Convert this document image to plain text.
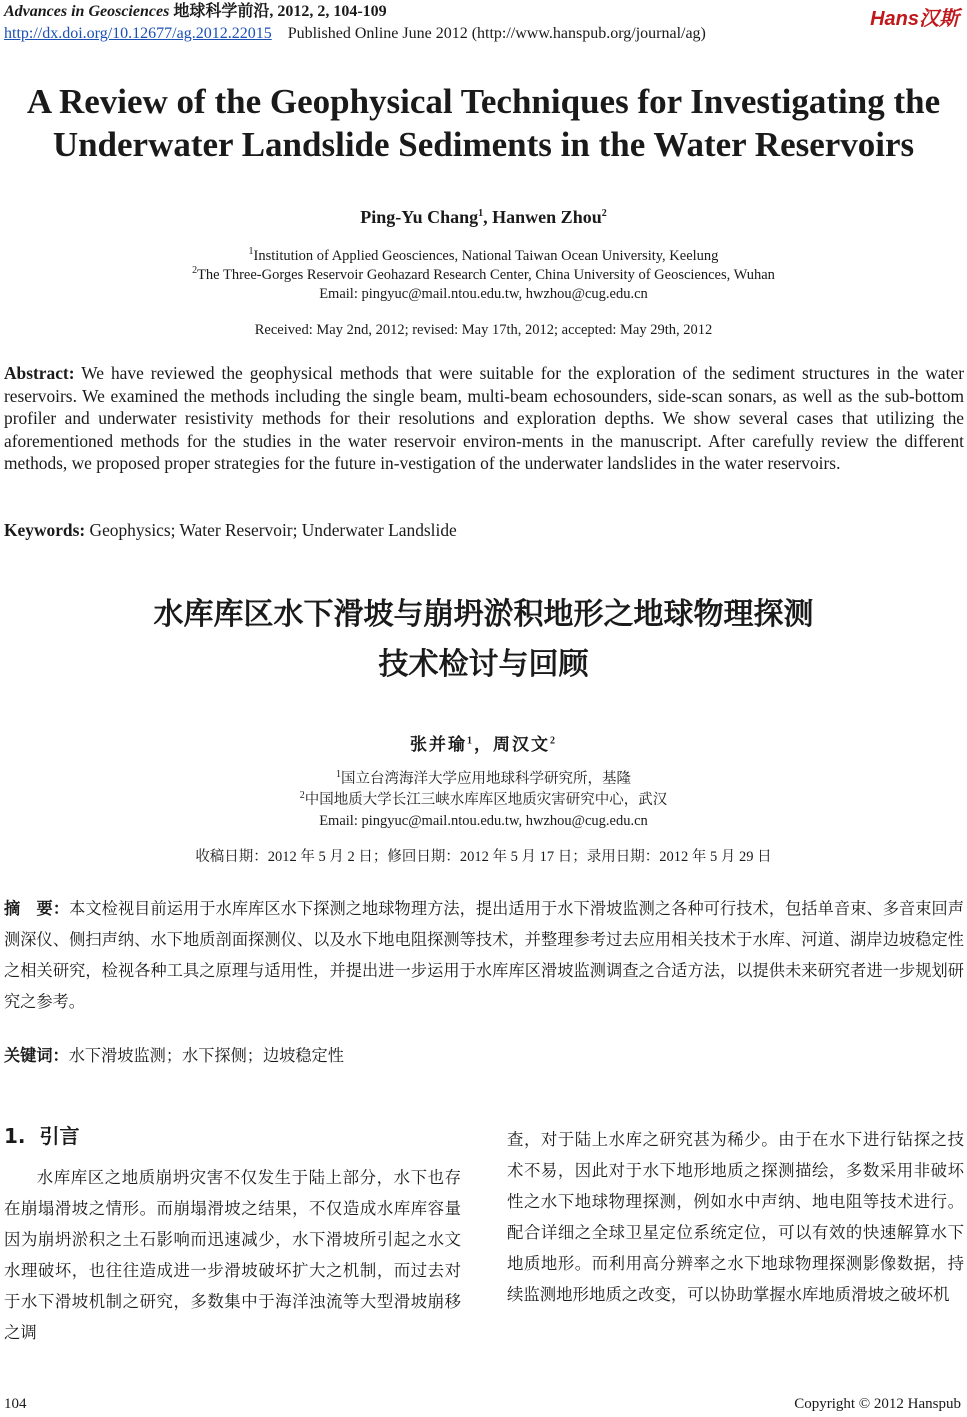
Advances in Geosciences 地球科学前沿, 2012, 2, 104-109
http://dx.doi.org/10.12677/ag.2012.22015 Published Online June 2012 (http://www.hanspub.org/journal/ag)
Hans汉斯
A Review of the Geophysical Techniques for Investigating the Underwater Landslide Sediments in the Water Reservoirs
Ping-Yu Chang$^1$, Hanwen Zhou$^2$
$^1$Institution of Applied Geosciences, National Taiwan Ocean University, Keelung
$^2$The Three-Gorges Reservoir Geohazard Research Center, China University of Geosciences, Wuhan
Email: pingyuc@mail.ntou.edu.tw, hwzhou@cug.edu.cn
Received: May 2nd, 2012; revised: May 17th, 2012; accepted: May 29th, 2012
Abstract: We have reviewed the geophysical methods that were suitable for the exploration of the sediment structures in the water reservoirs. We examined the methods including the single beam, multi-beam echosounders, side-scan sonars, as well as the sub-bottom profiler and underwater resistivity methods for their resolutions and exploration depths. We show several cases that utilizing the aforementioned methods for the studies in the water reservoir environ-ments in the manuscript. After carefully review the different methods, we proposed proper strategies for the future in-vestigation of the underwater landslides in the water reservoirs.
Keywords: Geophysics; Water Reservoir; Underwater Landslide
水库库区水下滑坡与崩坍淤积地形之地球物理探测
技术检讨与回顾
张并瑜$^1$，周汉文$^2$
$^1$国立台湾海洋大学应用地球科学研究所，基隆
$^2$中国地质大学长江三峡水库库区地质灾害研究中心，武汉
Email: pingyuc@mail.ntou.edu.tw, hwzhou@cug.edu.cn
收稿日期：2012 年 5 月 2 日；修回日期：2012 年 5 月 17 日；录用日期：2012 年 5 月 29 日
摘　要：本文检视目前运用于水库库区水下探测之地球物理方法，提出适用于水下滑坡监测之各种可行技术，包括单音束、多音束回声测深仪、侧扫声纳、水下地质剖面探测仪、以及水下地电阻探测等技术，并整理参考过去应用相关技术于水库、河道、湖岸边坡稳定性之相关研究，检视各种工具之原理与适用性，并提出进一步运用于水库库区滑坡监测调查之合适方法，以提供未来研究者进一步规划研究之参考。
关键词：水下滑坡监测；水下探侧；边坡稳定性
1. 引言
水库库区之地质崩坍灾害不仅发生于陆上部分，水下也存在崩塌滑坡之情形。而崩塌滑坡之结果，不仅造成水库库容量因为崩坍淤积之土石影响而迅速减少，水下滑坡所引起之水文水理破坏，也往往造成进一步滑坡破坏扩大之机制，而过去对于水下滑坡机制之研究，多数集中于海洋浊流等大型滑坡崩移之调
查，对于陆上水库之研究甚为稀少。由于在水下进行钻探之技术不易，因此对于水下地形地质之探测描绘，多数采用非破坏性之水下地球物理探测，例如水中声纳、地电阻等技术进行。配合详细之全球卫星定位系统定位，可以有效的快速解算水下地质地形。而利用高分辨率之水下地球物理探测影像数据，持续监测地形地质之改变，可以协助掌握水库地质滑坡之破坏机
104	Copyright © 2012 Hanspub
